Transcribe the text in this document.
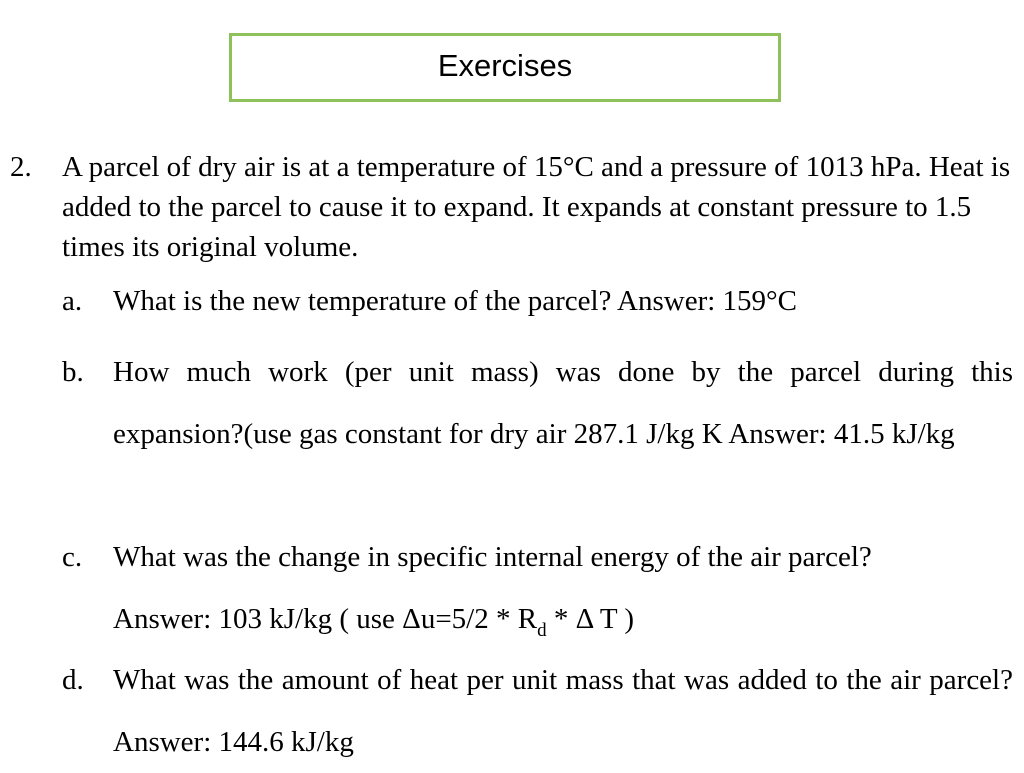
Exercises
2. A parcel of dry air is at a temperature of 15°C and a pressure of 1013 hPa. Heat is added to the parcel to cause it to expand. It expands at constant pressure to 1.5 times its original volume.
a. What is the new temperature of the parcel? Answer: 159°C
b. How much work (per unit mass) was done by the parcel during this expansion?(use gas constant for dry air 287.1 J/kg K Answer: 41.5 kJ/kg
c. What was the change in specific internal energy of the air parcel?
Answer: 103 kJ/kg ( use $\Delta u=5/2 * R_d * \Delta$ T )
d. What was the amount of heat per unit mass that was added to the air parcel? Answer: 144.6 kJ/kg
